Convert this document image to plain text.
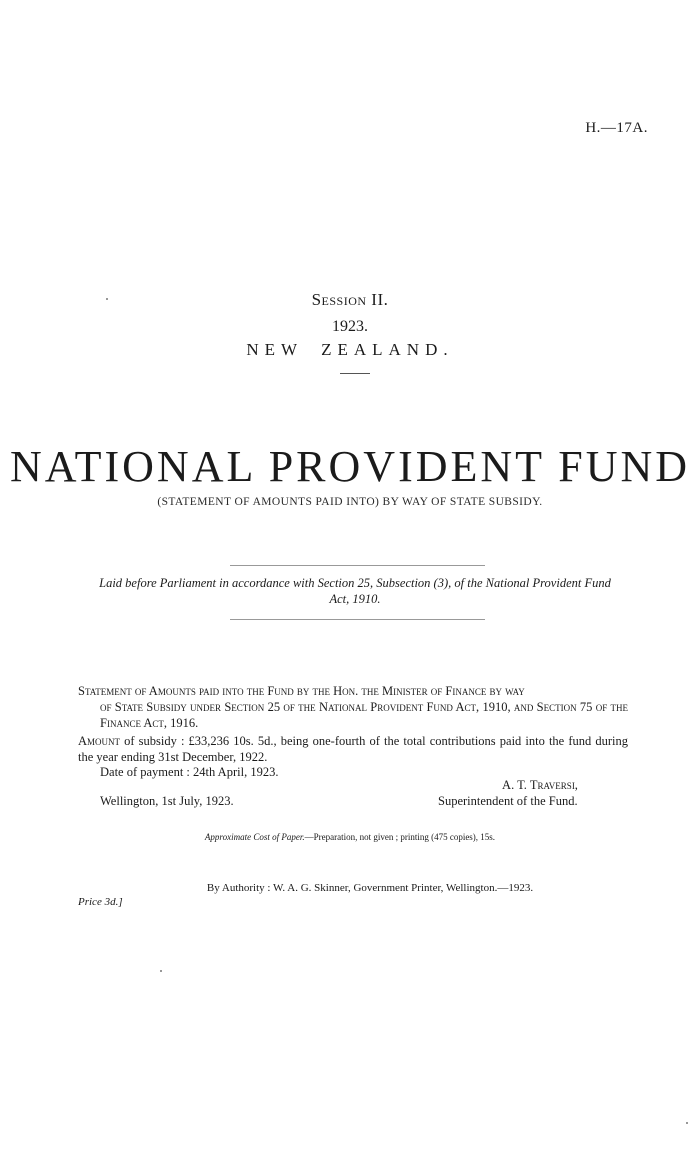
H.—17A.
Session II.
1923.
NEW ZEALAND.
NATIONAL PROVIDENT FUND
(STATEMENT OF AMOUNTS PAID INTO) BY WAY OF STATE SUBSIDY.
Laid before Parliament in accordance with Section 25, Subsection (3), of the National Provident Fund Act, 1910.
Statement of Amounts paid into the Fund by the Hon. the Minister of Finance by way
of State Subsidy under Section 25 of the National Provident Fund Act, 1910, and Section 75 of the Finance Act, 1916.
Amount of subsidy : £33,236 10s. 5d., being one-fourth of the total contributions paid into the fund during the year ending 31st December, 1922.
Date of payment : 24th April, 1923.
A. T. Traversi,
Wellington, 1st July, 1923.	Superintendent of the Fund.
Approximate Cost of Paper.—Preparation, not given ; printing (475 copies), 15s.
By Authority : W. A. G. Skinner, Government Printer, Wellington.—1923.
Price 3d.]
